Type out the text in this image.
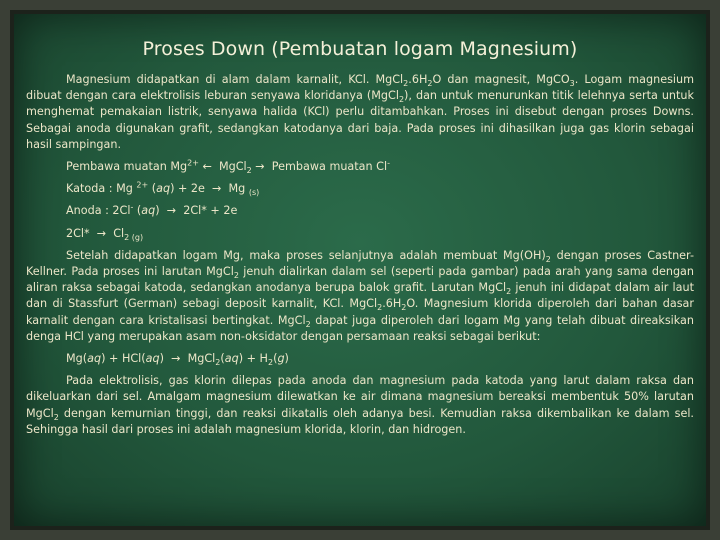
Proses Down (Pembuatan logam Magnesium)

Magnesium didapatkan di alam dalam karnalit, KCl. $MgCl_2.6H_2O$ dan magnesit, MgCO$_3$. Logam magnesium dibuat dengan cara elektrolisis leburan senyawa kloridanya (MgCl$_2$), dan untuk menurunkan titik lelehnya serta untuk menghemat pemakaian listrik, senyawa halida (KCl) perlu ditambahkan. Proses ini disebut dengan proses Downs. Sebagai anoda digunakan grafit, sedangkan katodanya dari baja. Pada proses ini dihasilkan juga gas klorin sebagai hasil sampingan.

Pembawa muatan $Mg^{2+}$ ←  MgCl$_2$ →  Pembawa muatan Cl-
Katoda : Mg $^{2+}$ (aq) + 2e  →  Mg $_{(s)}$
Anoda : 2Cl- (aq)  →  2Cl* + 2e
$2Cl* \to Cl_{2 (g)}$

Setelah didapatkan logam Mg, maka proses selanjutnya adalah membuat $Mg(OH)_2$ dengan proses Castner-Kellner. Pada proses ini larutan MgCl$_2$ jenuh dialirkan dalam sel (seperti pada gambar) pada arah yang sama dengan aliran raksa sebagai katoda, sedangkan anodanya berupa balok grafit. Larutan MgCl$_2$ jenuh ini didapat dalam air laut dan di Stassfurt (German) sebagi deposit karnalit, KCl. $MgCl_2.6H_2O$. Magnesium klorida diperoleh dari bahan dasar karnalit dengan cara kristalisasi bertingkat. MgCl$_2$ dapat juga diperoleh dari logam Mg yang telah dibuat direaksikan denga HCl yang merupakan asam non-oksidator dengan persamaan reaksi sebagai berikut:

Mg(aq) + HCl(aq)  →  MgCl$_2$(aq) + $H_2(g)$

Pada elektrolisis, gas klorin dilepas pada anoda dan magnesium pada katoda yang larut dalam raksa dan dikeluarkan dari sel. Amalgam magnesium dilewatkan ke air dimana magnesium bereaksi membentuk 50% larutan MgCl$_2$ dengan kemurnian tinggi, dan reaksi dikatalis oleh adanya besi. Kemudian raksa dikembalikan ke dalam sel. Sehingga hasil dari proses ini adalah magnesium klorida, klorin, dan hidrogen.
